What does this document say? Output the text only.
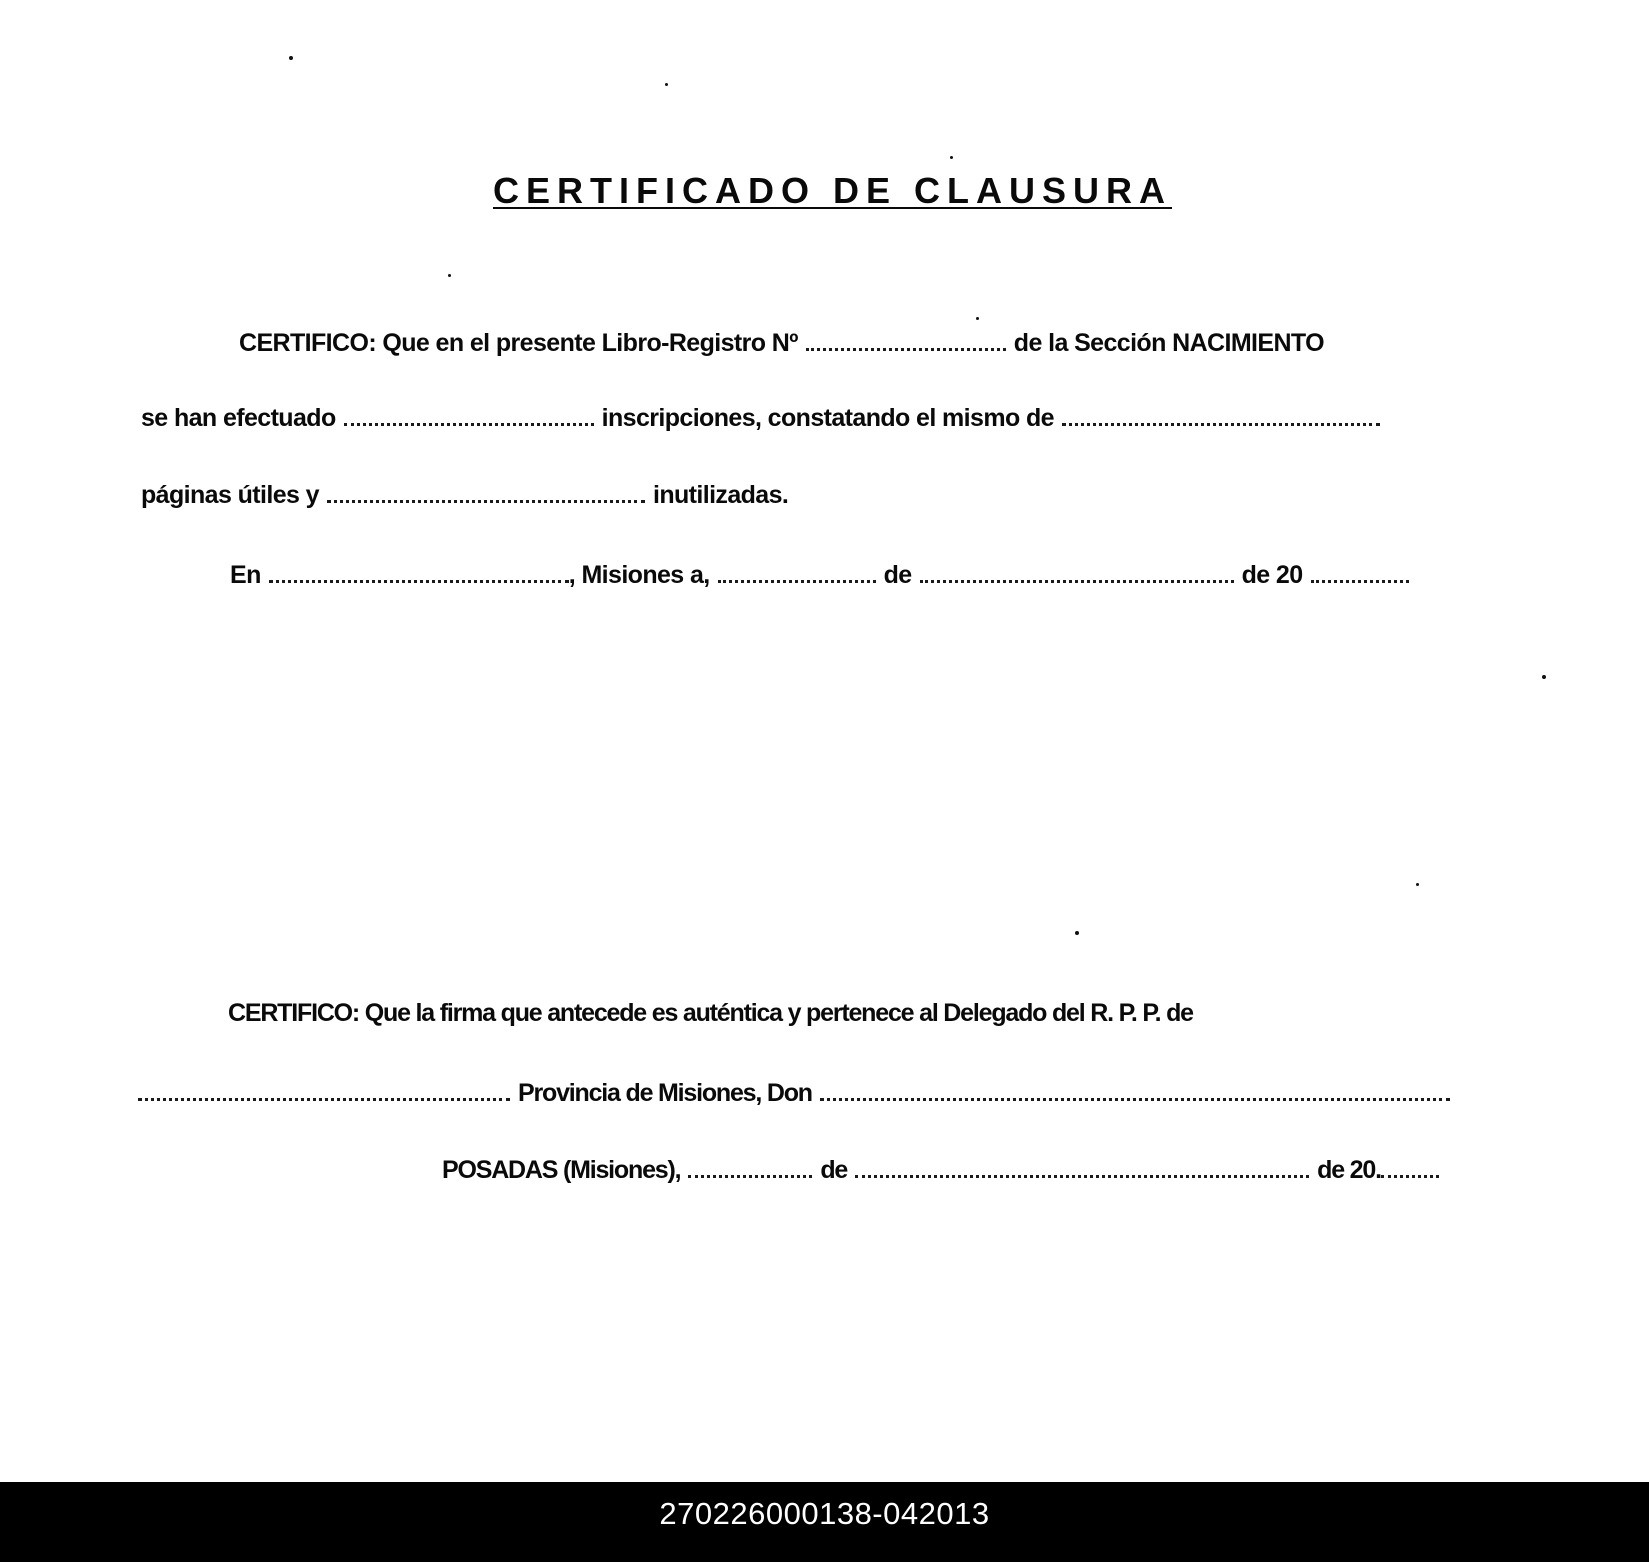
CERTIFICADO DE CLAUSURA
CERTIFICO: Que en el presente Libro-Registro Nº	de la Sección NACIMIENTO
se han efectuado	inscripciones, constatando el mismo de
páginas útiles y	inutilizadas.
En	, Misiones a,	de	de 20
CERTIFICO: Que la firma que antecede es auténtica y pertenece al Delegado del R. P. P. de
Provincia de Misiones, Don
POSADAS (Misiones),	de	de 20.
270226000138-042013
